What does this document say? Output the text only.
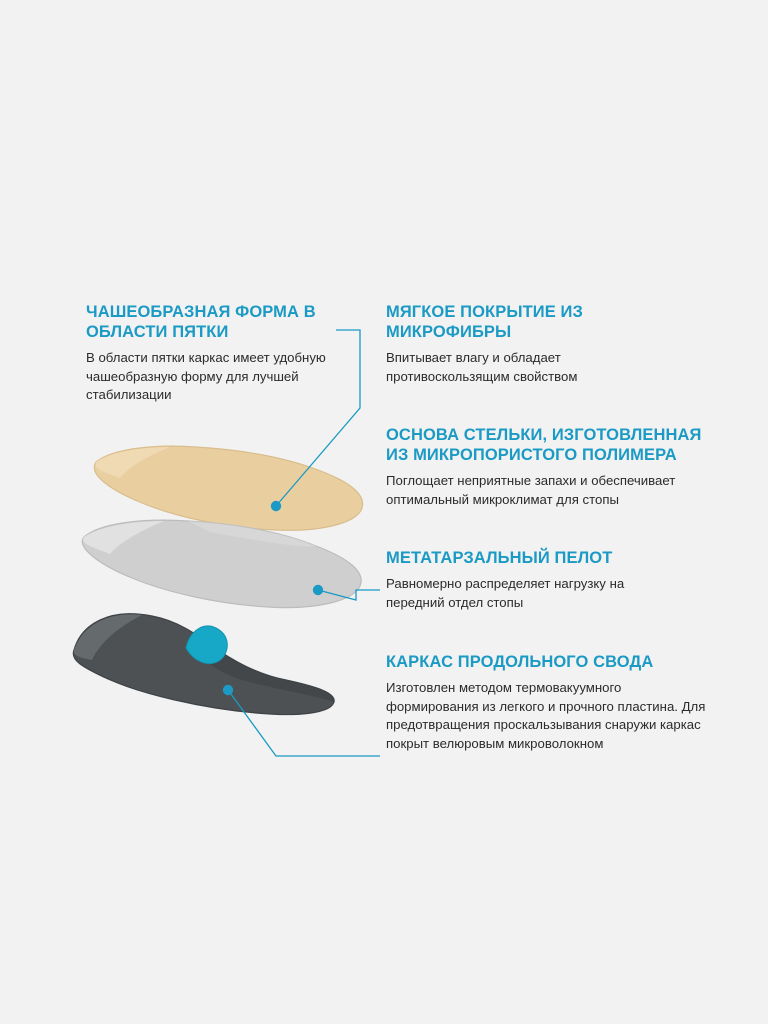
ЧАШЕОБРАЗНАЯ ФОРМА В ОБЛАСТИ ПЯТКИ

В области пятки каркас имеет удобную чашеобразную форму для лучшей стабилизации

МЯГКОЕ ПОКРЫТИЕ ИЗ МИКРОФИБРЫ

Впитывает влагу и обладает противоскользящим свойством

ОСНОВА СТЕЛЬКИ, ИЗГОТОВЛЕННАЯ ИЗ МИКРОПОРИСТОГО ПОЛИМЕРА

Поглощает неприятные запахи и обеспечивает оптимальный микроклимат для стопы

МЕТАТАРЗАЛЬНЫЙ ПЕЛОТ

Равномерно распределяет нагрузку на передний отдел стопы

КАРКАС ПРОДОЛЬНОГО СВОДА

Изготовлен методом термовакуумного формирования из легкого и прочного пластина. Для предотвращения проскальзывания снаружи каркас покрыт велюровым микроволокном
